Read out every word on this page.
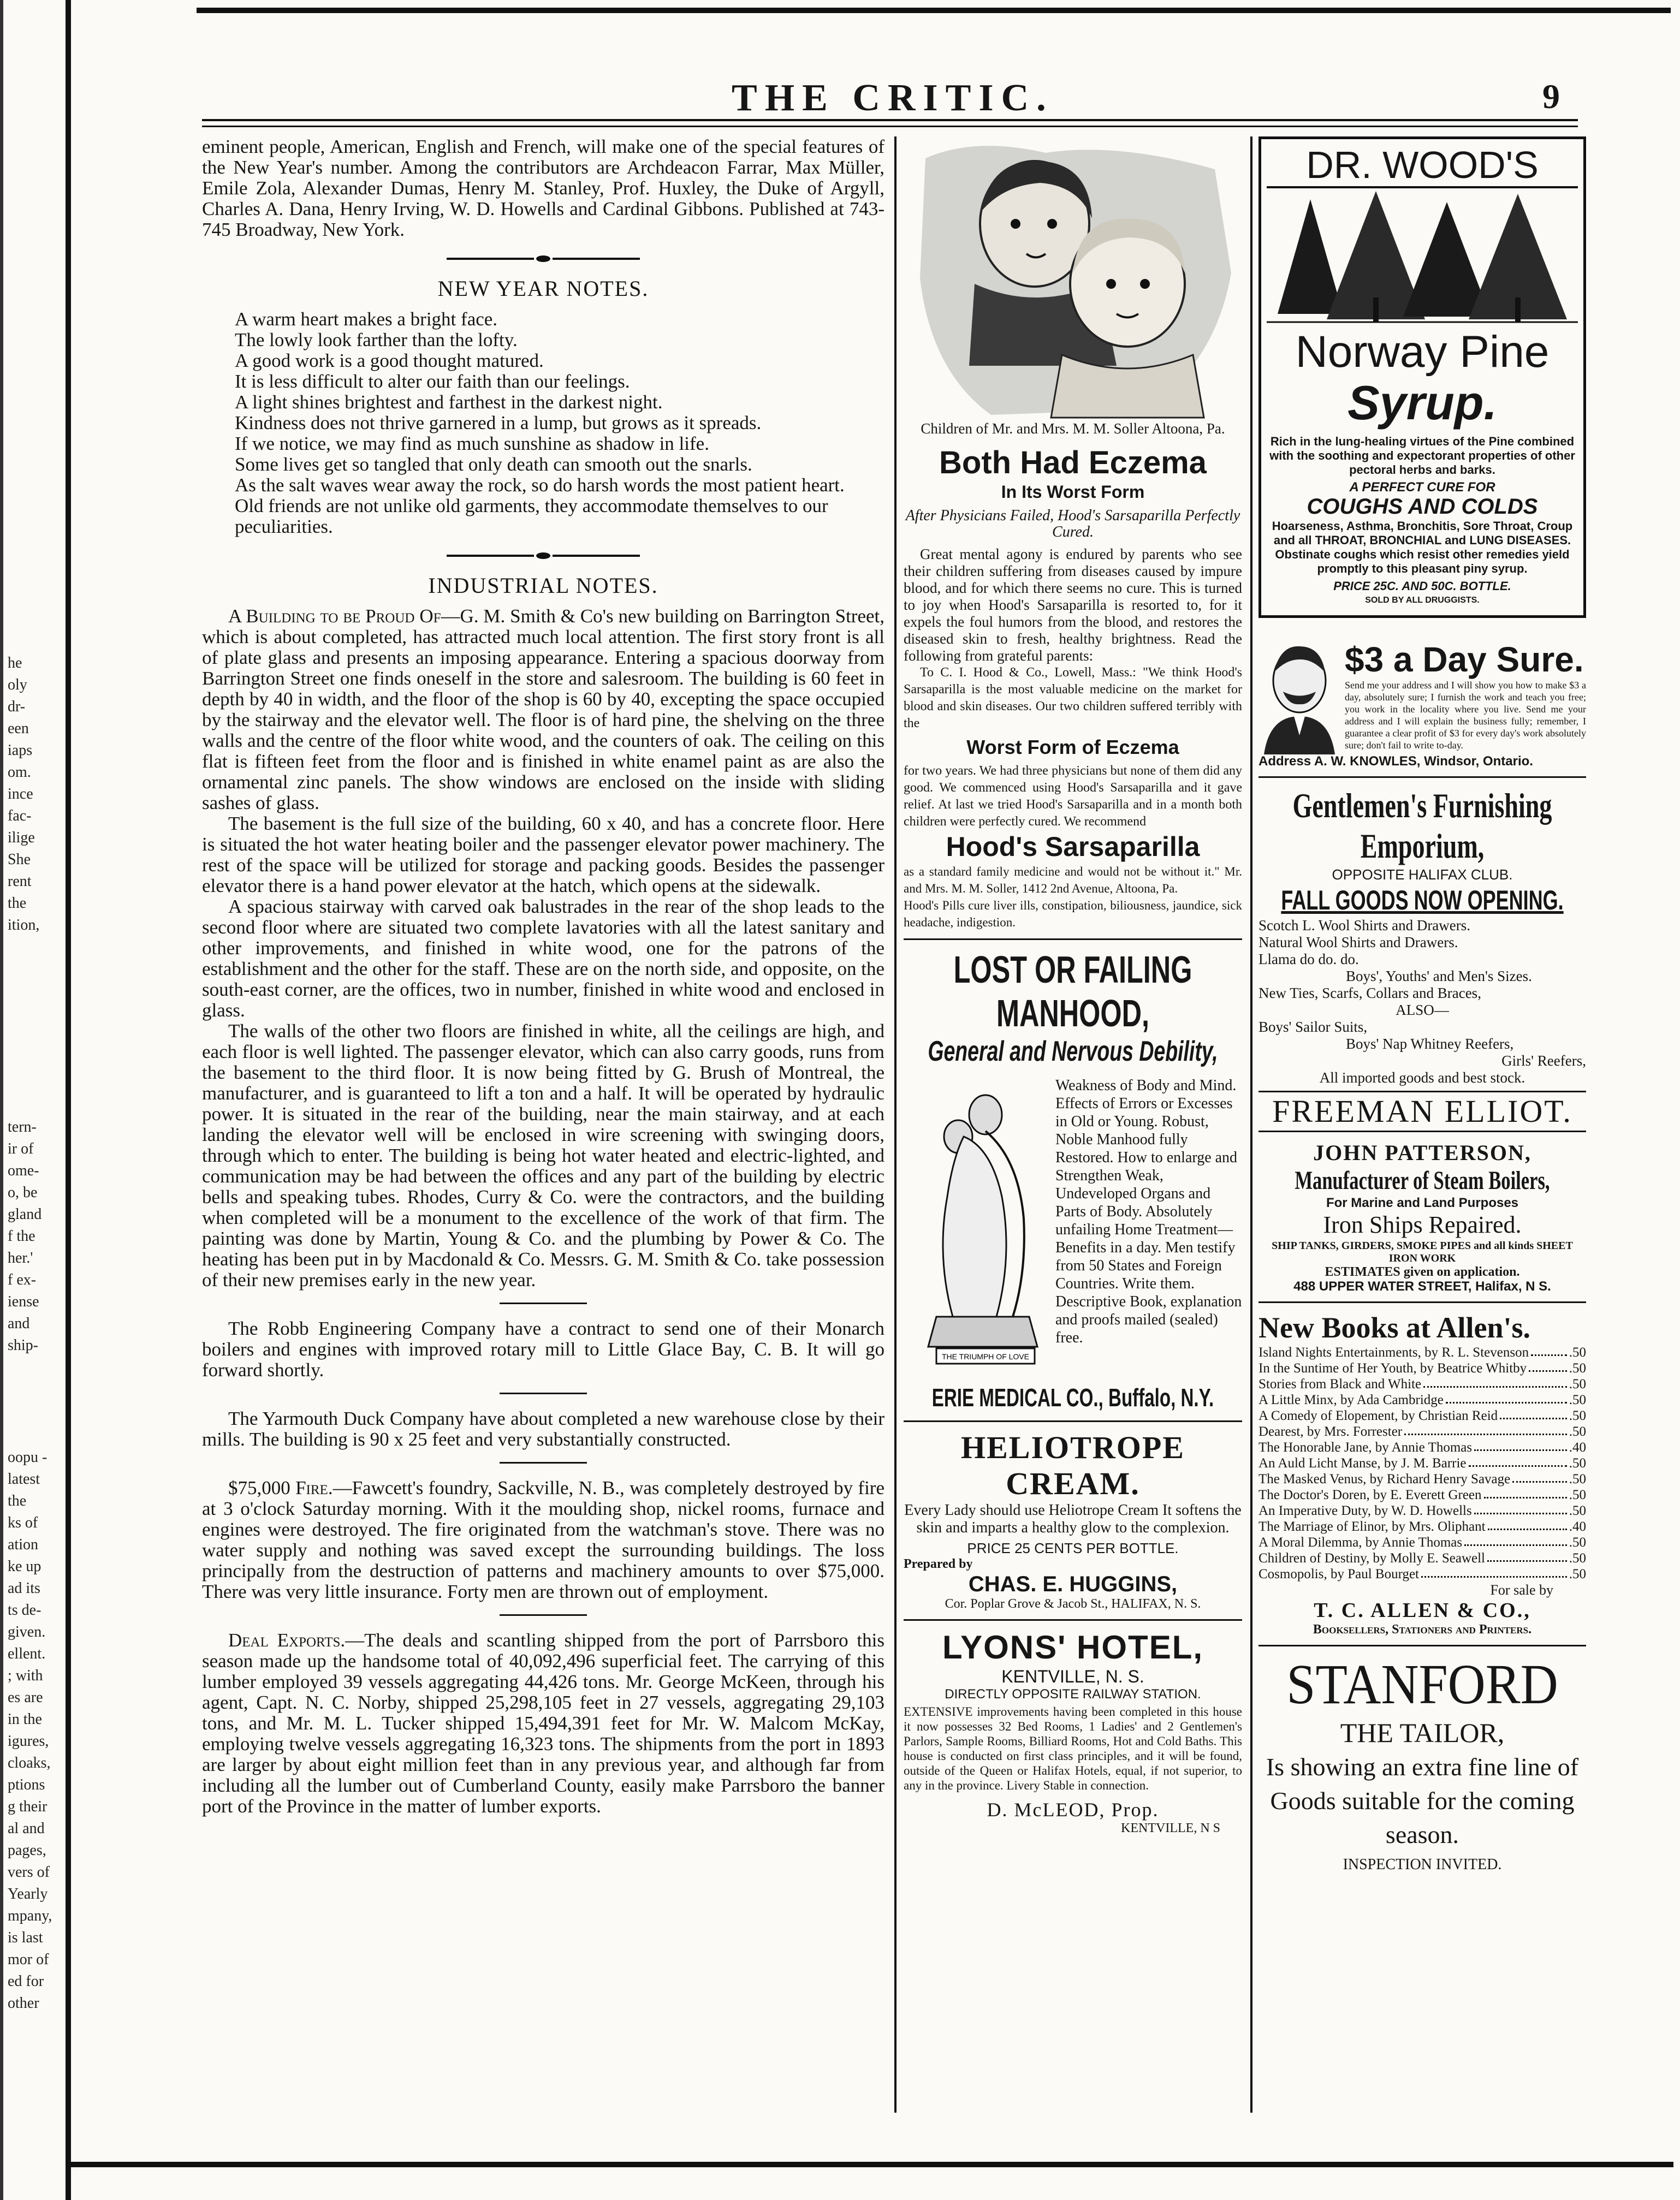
THE CRITIC.	9
he
oly
dr-
een
iaps
om.
ince
fac-
ilige
She
rent
the
ition,
tern-
ir of
ome-
o, be
gland
f the
her.'
f ex-
iense
and
ship-
oopu -
latest
the
ks of
ation
ke up
ad its
ts de-
given.
ellent.
; with
es are
in the
igures,
cloaks,
ptions
g their
al and
pages,
vers of
Yearly
mpany,
is last
mor of
ed for
other

eminent people, American, English and French, will make one of the special features of the New Year's number. Among the contributors are Archdeacon Farrar, Max Müller, Emile Zola, Alexander Dumas, Henry M. Stanley, Prof. Huxley, the Duke of Argyll, Charles A. Dana, Henry Irving, W. D. Howells and Cardinal Gibbons. Published at 743-745 Broadway, New York.

NEW YEAR NOTES.

A warm heart makes a bright face.

The lowly look farther than the lofty.

A good work is a good thought matured.

It is less difficult to alter our faith than our feelings.

A light shines brightest and farthest in the darkest night.

Kindness does not thrive garnered in a lump, but grows as it spreads.

If we notice, we may find as much sunshine as shadow in life.

Some lives get so tangled that only death can smooth out the snarls.

As the salt waves wear away the rock, so do harsh words the most patient heart.

Old friends are not unlike old garments, they accommodate themselves to our peculiarities.

INDUSTRIAL NOTES.

A Building to be Proud Of—G. M. Smith & Co's new building on Barrington Street, which is about completed, has attracted much local attention. The first story front is all of plate glass and presents an imposing appearance. Entering a spacious doorway from Barrington Street one finds oneself in the store and salesroom. The building is 60 feet in depth by 40 in width, and the floor of the shop is 60 by 40, excepting the space occupied by the stairway and the elevator well. The floor is of hard pine, the shelving on the three walls and the centre of the floor white wood, and the counters of oak. The ceiling on this flat is fifteen feet from the floor and is finished in white enamel paint as are also the ornamental zinc panels. The show windows are enclosed on the inside with sliding sashes of glass.

The basement is the full size of the building, 60 x 40, and has a concrete floor. Here is situated the hot water heating boiler and the passenger elevator power machinery. The rest of the space will be utilized for storage and packing goods. Besides the passenger elevator there is a hand power elevator at the hatch, which opens at the sidewalk.

A spacious stairway with carved oak balustrades in the rear of the shop leads to the second floor where are situated two complete lavatories with all the latest sanitary and other improvements, and finished in white wood, one for the patrons of the establishment and the other for the staff. These are on the north side, and opposite, on the south-east corner, are the offices, two in number, finished in white wood and enclosed in glass.

The walls of the other two floors are finished in white, all the ceilings are high, and each floor is well lighted. The passenger elevator, which can also carry goods, runs from the basement to the third floor. It is now being fitted by G. Brush of Montreal, the manufacturer, and is guaranteed to lift a ton and a half. It will be operated by hydraulic power. It is situated in the rear of the building, near the main stairway, and at each landing the elevator well will be enclosed in wire screening with swinging doors, through which to enter. The building is being hot water heated and electric-lighted, and communication may be had between the offices and any part of the building by electric bells and speaking tubes. Rhodes, Curry & Co. were the contractors, and the building when completed will be a monument to the excellence of the work of that firm. The painting was done by Martin, Young & Co. and the plumbing by Power & Co. The heating has been put in by Macdonald & Co. Messrs. G. M. Smith & Co. take possession of their new premises early in the new year.

The Robb Engineering Company have a contract to send one of their Monarch boilers and engines with improved rotary mill to Little Glace Bay, C. B. It will go forward shortly.

The Yarmouth Duck Company have about completed a new warehouse close by their mills. The building is 90 x 25 feet and very substantially constructed.

$75,000 Fire.—Fawcett's foundry, Sackville, N. B., was completely destroyed by fire at 3 o'clock Saturday morning. With it the moulding shop, nickel rooms, furnace and engines were destroyed. The fire originated from the watchman's stove. There was no water supply and nothing was saved except the surrounding buildings. The loss principally from the destruction of patterns and machinery amounts to over $75,000. There was very little insurance. Forty men are thrown out of employment.

Deal Exports.—The deals and scantling shipped from the port of Parrsboro this season made up the handsome total of 40,092,496 superficial feet. The carrying of this lumber employed 39 vessels aggregating 44,426 tons. Mr. George McKeen, through his agent, Capt. N. C. Norby, shipped 25,298,105 feet in 27 vessels, aggregating 29,103 tons, and Mr. M. L. Tucker shipped 15,494,391 feet for Mr. W. Malcom McKay, employing twelve vessels aggregating 16,323 tons. The shipments from the port in 1893 are larger by about eight million feet than in any previous year, and although far from including all the lumber out of Cumberland County, easily make Parrsboro the banner port of the Province in the matter of lumber exports.

Children of Mr. and Mrs. M. M. Soller Altoona, Pa.
Both Had Eczema
In Its Worst Form
After Physicians Failed, Hood's Sarsaparilla Perfectly Cured.

Great mental agony is endured by parents who see their children suffering from diseases caused by impure blood, and for which there seems no cure. This is turned to joy when Hood's Sarsaparilla is resorted to, for it expels the foul humors from the blood, and restores the diseased skin to fresh, healthy brightness. Read the following from grateful parents:

To C. I. Hood & Co., Lowell, Mass.: "We think Hood's Sarsaparilla is the most valuable medicine on the market for blood and skin diseases. Our two children suffered terribly with the

Worst Form of Eczema

for two years. We had three physicians but none of them did any good. We commenced using Hood's Sarsaparilla and it gave relief. At last we tried Hood's Sarsaparilla and in a month both children were perfectly cured. We recommend

Hood's Sarsaparilla

as a standard family medicine and would not be without it." Mr. and Mrs. M. M. Soller, 1412 2nd Avenue, Altoona, Pa.

Hood's Pills cure liver ills, constipation, biliousness, jaundice, sick headache, indigestion.

LOST OR FAILING MANHOOD,
General and Nervous Debility,
THE TRIUMPH OF LOVE
Weakness of Body and Mind. Effects of Errors or Excesses in Old or Young. Robust, Noble Manhood fully Restored. How to enlarge and Strengthen Weak, Undeveloped Organs and Parts of Body. Absolutely unfailing Home Treatment—Benefits in a day. Men testify from 50 States and Foreign Countries. Write them. Descriptive Book, explanation and proofs mailed (sealed) free.
ERIE MEDICAL CO., Buffalo, N.Y.
HELIOTROPE CREAM.
Every Lady should use Heliotrope Cream It softens the skin and imparts a healthy glow to the complexion.
PRICE 25 CENTS PER BOTTLE.
Prepared by
CHAS. E. HUGGINS,
Cor. Poplar Grove & Jacob St., HALIFAX, N. S.
LYONS' HOTEL,
KENTVILLE, N. S.
DIRECTLY OPPOSITE RAILWAY STATION.
EXTENSIVE improvements having been completed in this house it now possesses 32 Bed Rooms, 1 Ladies' and 2 Gentlemen's Parlors, Sample Rooms, Billiard Rooms, Hot and Cold Baths. This house is conducted on first class principles, and it will be found, outside of the Queen or Halifax Hotels, equal, if not superior, to any in the province. Livery Stable in connection.
D. McLEOD, Prop.
KENTVILLE, N S
DR. WOOD'S
Norway Pine
Syrup.
Rich in the lung-healing virtues of the Pine combined with the soothing and expectorant properties of other pectoral herbs and barks.
A PERFECT CURE FOR
COUGHS AND COLDS
Hoarseness, Asthma, Bronchitis, Sore Throat, Croup and all THROAT, BRONCHIAL and LUNG DISEASES. Obstinate coughs which resist other remedies yield promptly to this pleasant piny syrup.
PRICE 25C. AND 50C. BOTTLE.
SOLD BY ALL DRUGGISTS.
$3 a Day Sure.
Send me your address and I will show you how to make $3 a day, absolutely sure; I furnish the work and teach you free; you work in the locality where you live. Send me your address and I will explain the business fully; remember, I guarantee a clear profit of $3 for every day's work absolutely sure; don't fail to write to-day.
Address A. W. KNOWLES, Windsor, Ontario.
Gentlemen's Furnishing Emporium,
OPPOSITE HALIFAX CLUB.
FALL GOODS NOW OPENING.
Scotch L. Wool Shirts and Drawers.
Natural Wool Shirts and Drawers.
Llama do do. do.
Boys', Youths' and Men's Sizes.
New Ties, Scarfs, Collars and Braces,
ALSO—
Boys' Sailor Suits,
Boys' Nap Whitney Reefers,
Girls' Reefers,
All imported goods and best stock.
FREEMAN ELLIOT.
JOHN PATTERSON,
Manufacturer of Steam Boilers,
For Marine and Land Purposes
Iron Ships Repaired.
SHIP TANKS, GIRDERS, SMOKE PIPES and all kinds SHEET IRON WORK
ESTIMATES given on application.
488 UPPER WATER STREET, Halifax, N S.
New Books at Allen's.
Island Nights Entertainments, by R. L. Stevenson	.50
In the Suntime of Her Youth, by Beatrice Whitby	.50
Stories from Black and White	.50
A Little Minx, by Ada Cambridge	.50
A Comedy of Elopement, by Christian Reid	.50
Dearest, by Mrs. Forrester	.50
The Honorable Jane, by Annie Thomas	.40
An Auld Licht Manse, by J. M. Barrie	.50
The Masked Venus, by Richard Henry Savage	.50
The Doctor's Doren, by E. Everett Green	.50
An Imperative Duty, by W. D. Howells	.50
The Marriage of Elinor, by Mrs. Oliphant	.40
A Moral Dilemma, by Annie Thomas	.50
Children of Destiny, by Molly E. Seawell	.50
Cosmopolis, by Paul Bourget	.50
For sale by
T. C. ALLEN & CO.,
Booksellers, Stationers and Printers.
STANFORD
THE TAILOR,
Is showing an extra fine line of Goods suitable for the coming season.
INSPECTION INVITED.
